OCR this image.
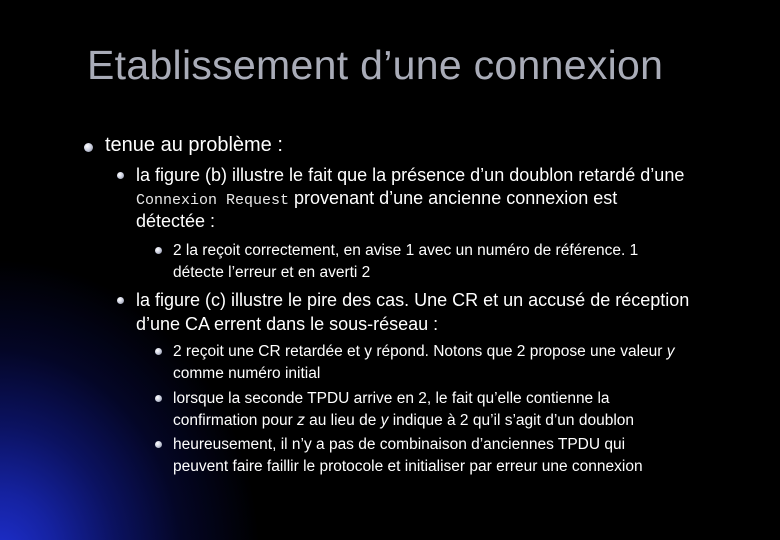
Etablissement d’une connexion
tenue au problème :
la figure (b) illustre le fait que la présence d’un doublon retardé d’une
Connexion Request provenant d’une ancienne connexion est
détectée :
2 la reçoit correctement, en avise 1 avec un numéro de référence. 1
détecte l’erreur et en averti 2
la figure (c) illustre le pire des cas. Une CR et un accusé de réception
d’une CA errent dans le sous-réseau :
2 reçoit une CR retardée et y répond. Notons que 2 propose une valeur y
comme numéro initial
lorsque la seconde TPDU arrive en 2, le fait qu’elle contienne la
confirmation pour z au lieu de y indique à 2 qu’il s’agit d’un doublon
heureusement, il n’y a pas de combinaison d’anciennes TPDU qui
peuvent faire faillir le protocole et initialiser par erreur une connexion
